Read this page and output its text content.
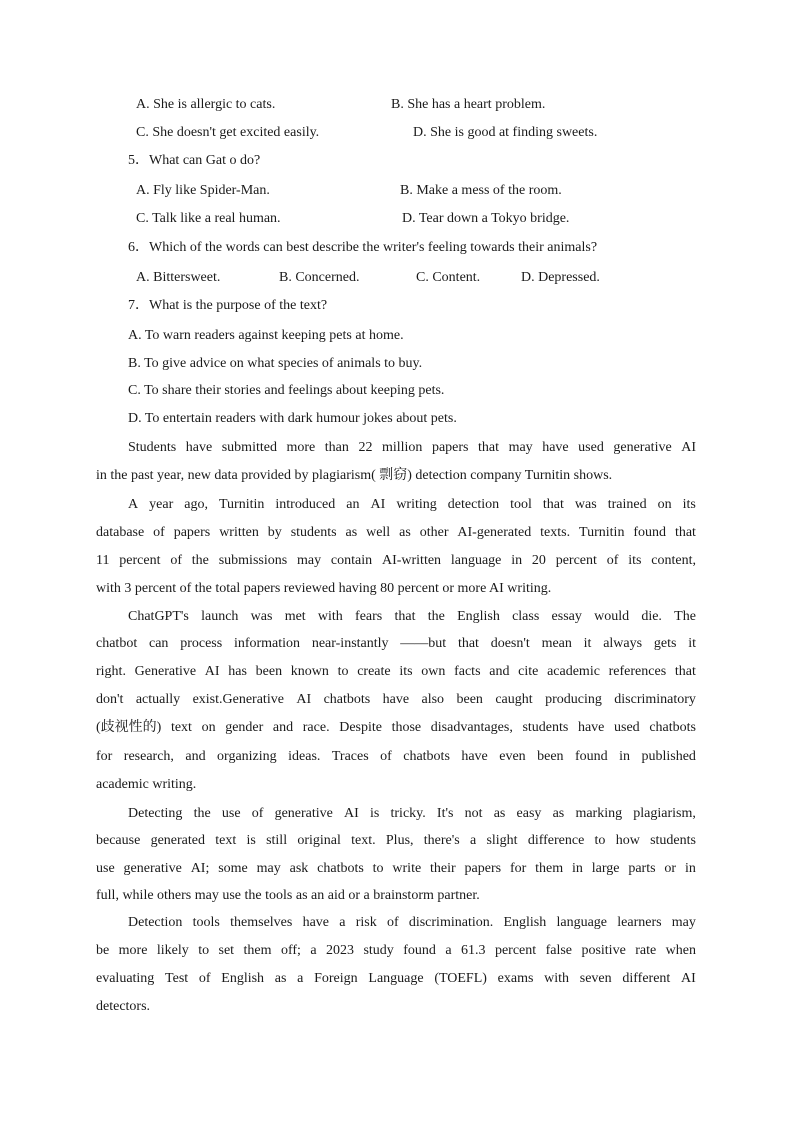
A. She is allergic to cats.	B. She has a heart problem.
C. She doesn't get excited easily.	D. She is good at finding sweets.
5．What can Gat o do?
A. Fly like Spider-Man.	B. Make a mess of the room.
C. Talk like a real human.	D. Tear down a Tokyo bridge.
6．Which of the words can best describe the writer's feeling towards their animals?
A. Bittersweet.	B. Concerned.	C. Content.	D. Depressed.
7．What is the purpose of the text?
A. To warn readers against keeping pets at home.
B. To give advice on what species of animals to buy.
C. To share their stories and feelings about keeping pets.
D. To entertain readers with dark humour jokes about pets.
Students have submitted more than 22 million papers that may have used generative AI
in the past year, new data provided by plagiarism( 剽窃) detection company Turnitin shows.
A year ago, Turnitin introduced an AI writing detection tool that was trained on its
database of papers written by students as well as other AI-generated texts. Turnitin found that
11 percent of the submissions may contain AI-written language in 20 percent of its content,
with 3 percent of the total papers reviewed having 80 percent or more AI writing.
ChatGPT's launch was met with fears that the English class essay would die. The
chatbot can process information near-instantly ——but that doesn't mean it always gets it
right. Generative AI has been known to create its own facts and cite academic references that
don't actually exist.Generative AI chatbots have also been caught producing discriminatory
(歧视性的) text on gender and race. Despite those disadvantages, students have used chatbots
for research, and organizing ideas. Traces of chatbots have even been found in published
academic writing.
Detecting the use of generative AI is tricky. It's not as easy as marking plagiarism,
because generated text is still original text. Plus, there's a slight difference to how students
use generative AI; some may ask chatbots to write their papers for them in large parts or in
full, while others may use the tools as an aid or a brainstorm partner.
Detection tools themselves have a risk of discrimination. English language learners may
be more likely to set them off; a 2023 study found a 61.3 percent false positive rate when
evaluating Test of English as a Foreign Language (TOEFL) exams with seven different AI
detectors.
